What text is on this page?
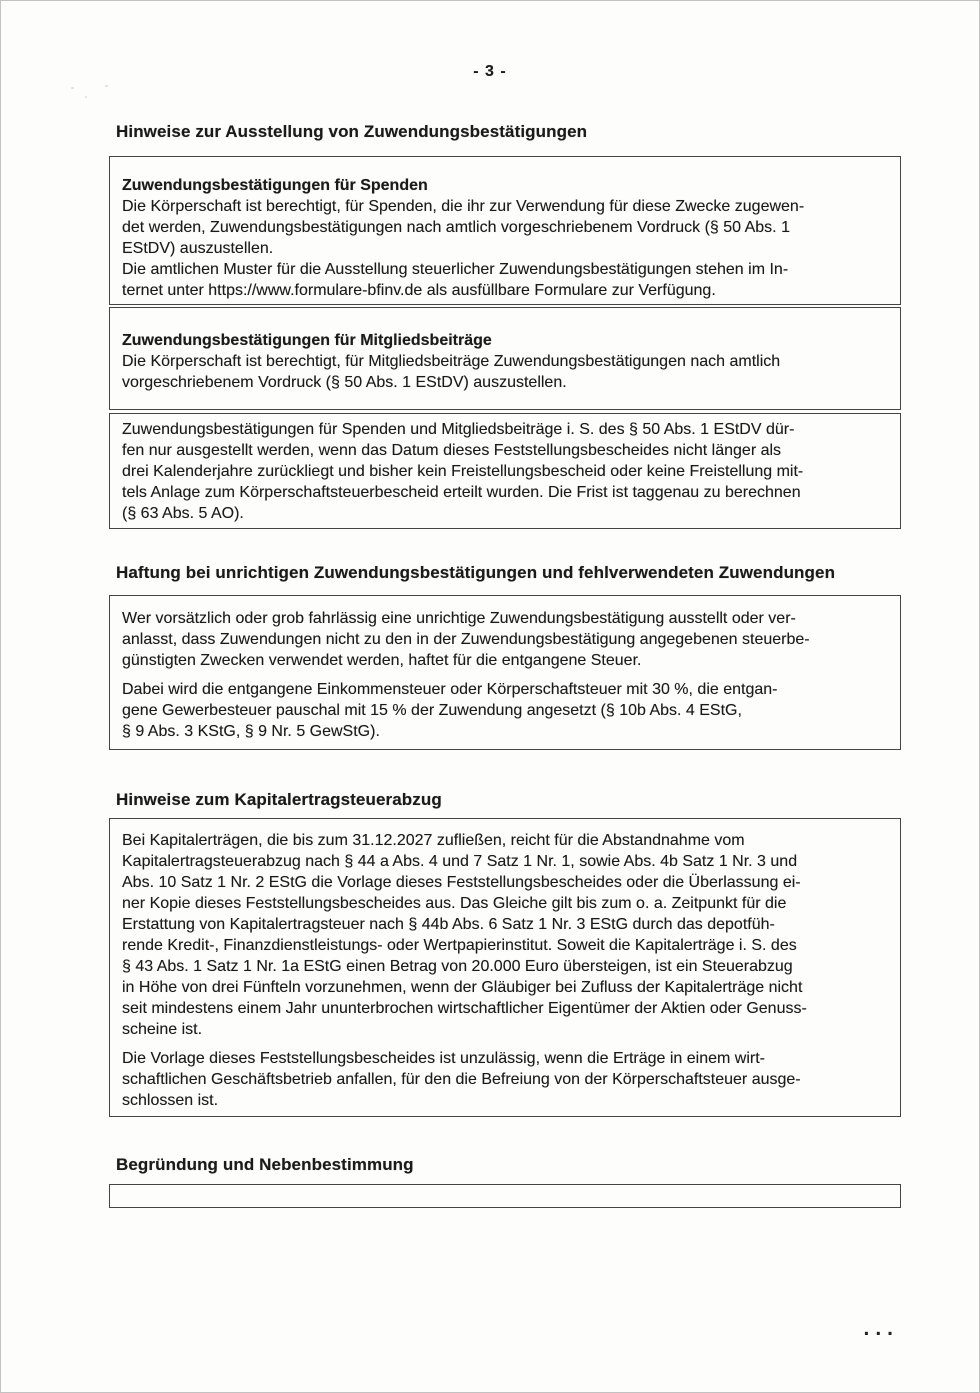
- 3 -
Hinweise zur Ausstellung von Zuwendungsbestätigungen
Zuwendungsbestätigungen für Spenden
Die Körperschaft ist berechtigt, für Spenden, die ihr zur Verwendung für diese Zwecke zugewen-
det werden, Zuwendungsbestätigungen nach amtlich vorgeschriebenem Vordruck (§ 50 Abs. 1
EStDV) auszustellen.
Die amtlichen Muster für die Ausstellung steuerlicher Zuwendungsbestätigungen stehen im In-
ternet unter https://www.formulare-bfinv.de als ausfüllbare Formulare zur Verfügung.
Zuwendungsbestätigungen für Mitgliedsbeiträge
Die Körperschaft ist berechtigt, für Mitgliedsbeiträge Zuwendungsbestätigungen nach amtlich
vorgeschriebenem Vordruck (§ 50 Abs. 1 EStDV) auszustellen.
Zuwendungsbestätigungen für Spenden und Mitgliedsbeiträge i. S. des § 50 Abs. 1 EStDV dür-
fen nur ausgestellt werden, wenn das Datum dieses Feststellungsbescheides nicht länger als
drei Kalenderjahre zurückliegt und bisher kein Freistellungsbescheid oder keine Freistellung mit-
tels Anlage zum Körperschaftsteuerbescheid erteilt wurden. Die Frist ist taggenau zu berechnen
(§ 63 Abs. 5 AO).
Haftung bei unrichtigen Zuwendungsbestätigungen und fehlverwendeten Zuwendungen
Wer vorsätzlich oder grob fahrlässig eine unrichtige Zuwendungsbestätigung ausstellt oder ver-
anlasst, dass Zuwendungen nicht zu den in der Zuwendungsbestätigung angegebenen steuerbe-
günstigten Zwecken verwendet werden, haftet für die entgangene Steuer.
Dabei wird die entgangene Einkommensteuer oder Körperschaftsteuer mit 30 %, die entgan-
gene Gewerbesteuer pauschal mit 15 % der Zuwendung angesetzt (§ 10b Abs. 4 EStG,
§ 9 Abs. 3 KStG, § 9 Nr. 5 GewStG).
Hinweise zum Kapitalertragsteuerabzug
Bei Kapitalerträgen, die bis zum 31.12.2027 zufließen, reicht für die Abstandnahme vom
Kapitalertragsteuerabzug nach § 44 a Abs. 4 und 7 Satz 1 Nr. 1, sowie Abs. 4b Satz 1 Nr. 3 und
Abs. 10 Satz 1 Nr. 2 EStG die Vorlage dieses Feststellungsbescheides oder die Überlassung ei-
ner Kopie dieses Feststellungsbescheides aus. Das Gleiche gilt bis zum o. a. Zeitpunkt für die
Erstattung von Kapitalertragsteuer nach § 44b Abs. 6 Satz 1 Nr. 3 EStG durch das depotfüh-
rende Kredit-, Finanzdienstleistungs- oder Wertpapierinstitut. Soweit die Kapitalerträge i. S. des
§ 43 Abs. 1 Satz 1 Nr. 1a EStG einen Betrag von 20.000 Euro übersteigen, ist ein Steuerabzug
in Höhe von drei Fünfteln vorzunehmen, wenn der Gläubiger bei Zufluss der Kapitalerträge nicht
seit mindestens einem Jahr ununterbrochen wirtschaftlicher Eigentümer der Aktien oder Genuss-
scheine ist.
Die Vorlage dieses Feststellungsbescheides ist unzulässig, wenn die Erträge in einem wirt-
schaftlichen Geschäftsbetrieb anfallen, für den die Befreiung von der Körperschaftsteuer ausge-
schlossen ist.
Begründung und Nebenbestimmung
...
